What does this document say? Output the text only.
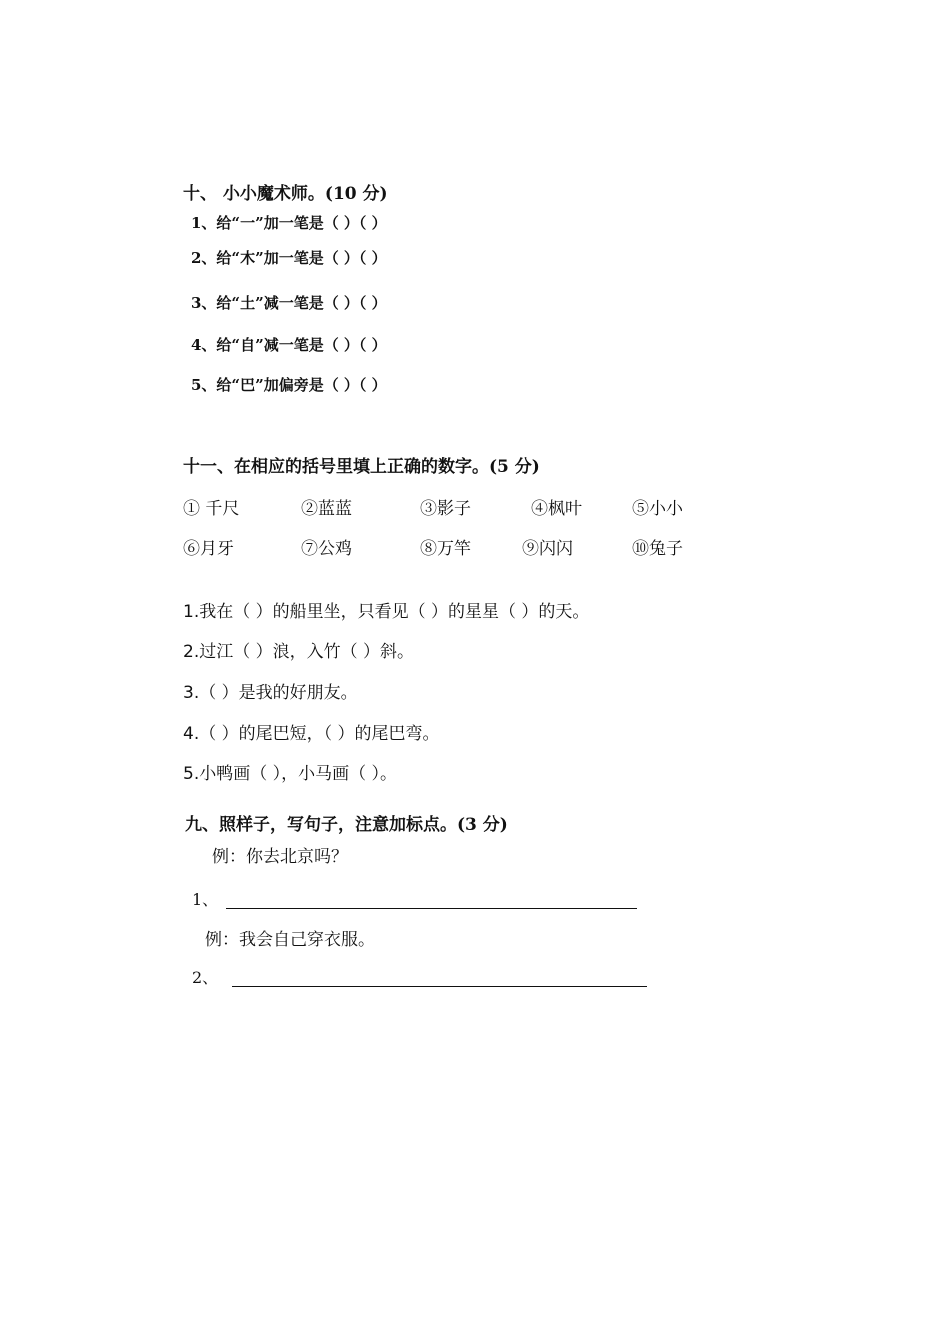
十、 小小魔术师。(10 分)
1、给“一”加一笔是（ ）（ ）
2、给“木”加一笔是（ ）（ ）
3、给“土”减一笔是（ ）（ ）
4、给“自”减一笔是（ ）（ ）
5、给“巴”加偏旁是（ ）（ ）
十一、在相应的括号里填上正确的数字。(5 分)
① 千尺	②蓝蓝	③影子	④枫叶	⑤小小
⑥月牙	⑦公鸡	⑧万竿	⑨闪闪	⑩兔子
1.我在（ ）的船里坐，只看见（ ）的星星（ ）的天。
2.过江（ ）浪，入竹（ ）斜。
3.（ ）是我的好朋友。
4.（ ）的尾巴短，（ ）的尾巴弯。
5.小鸭画（ ），小马画（ ）。
九、照样子，写句子，注意加标点。(3 分)
例：你去北京吗？
1、
例：我会自己穿衣服。
2、
